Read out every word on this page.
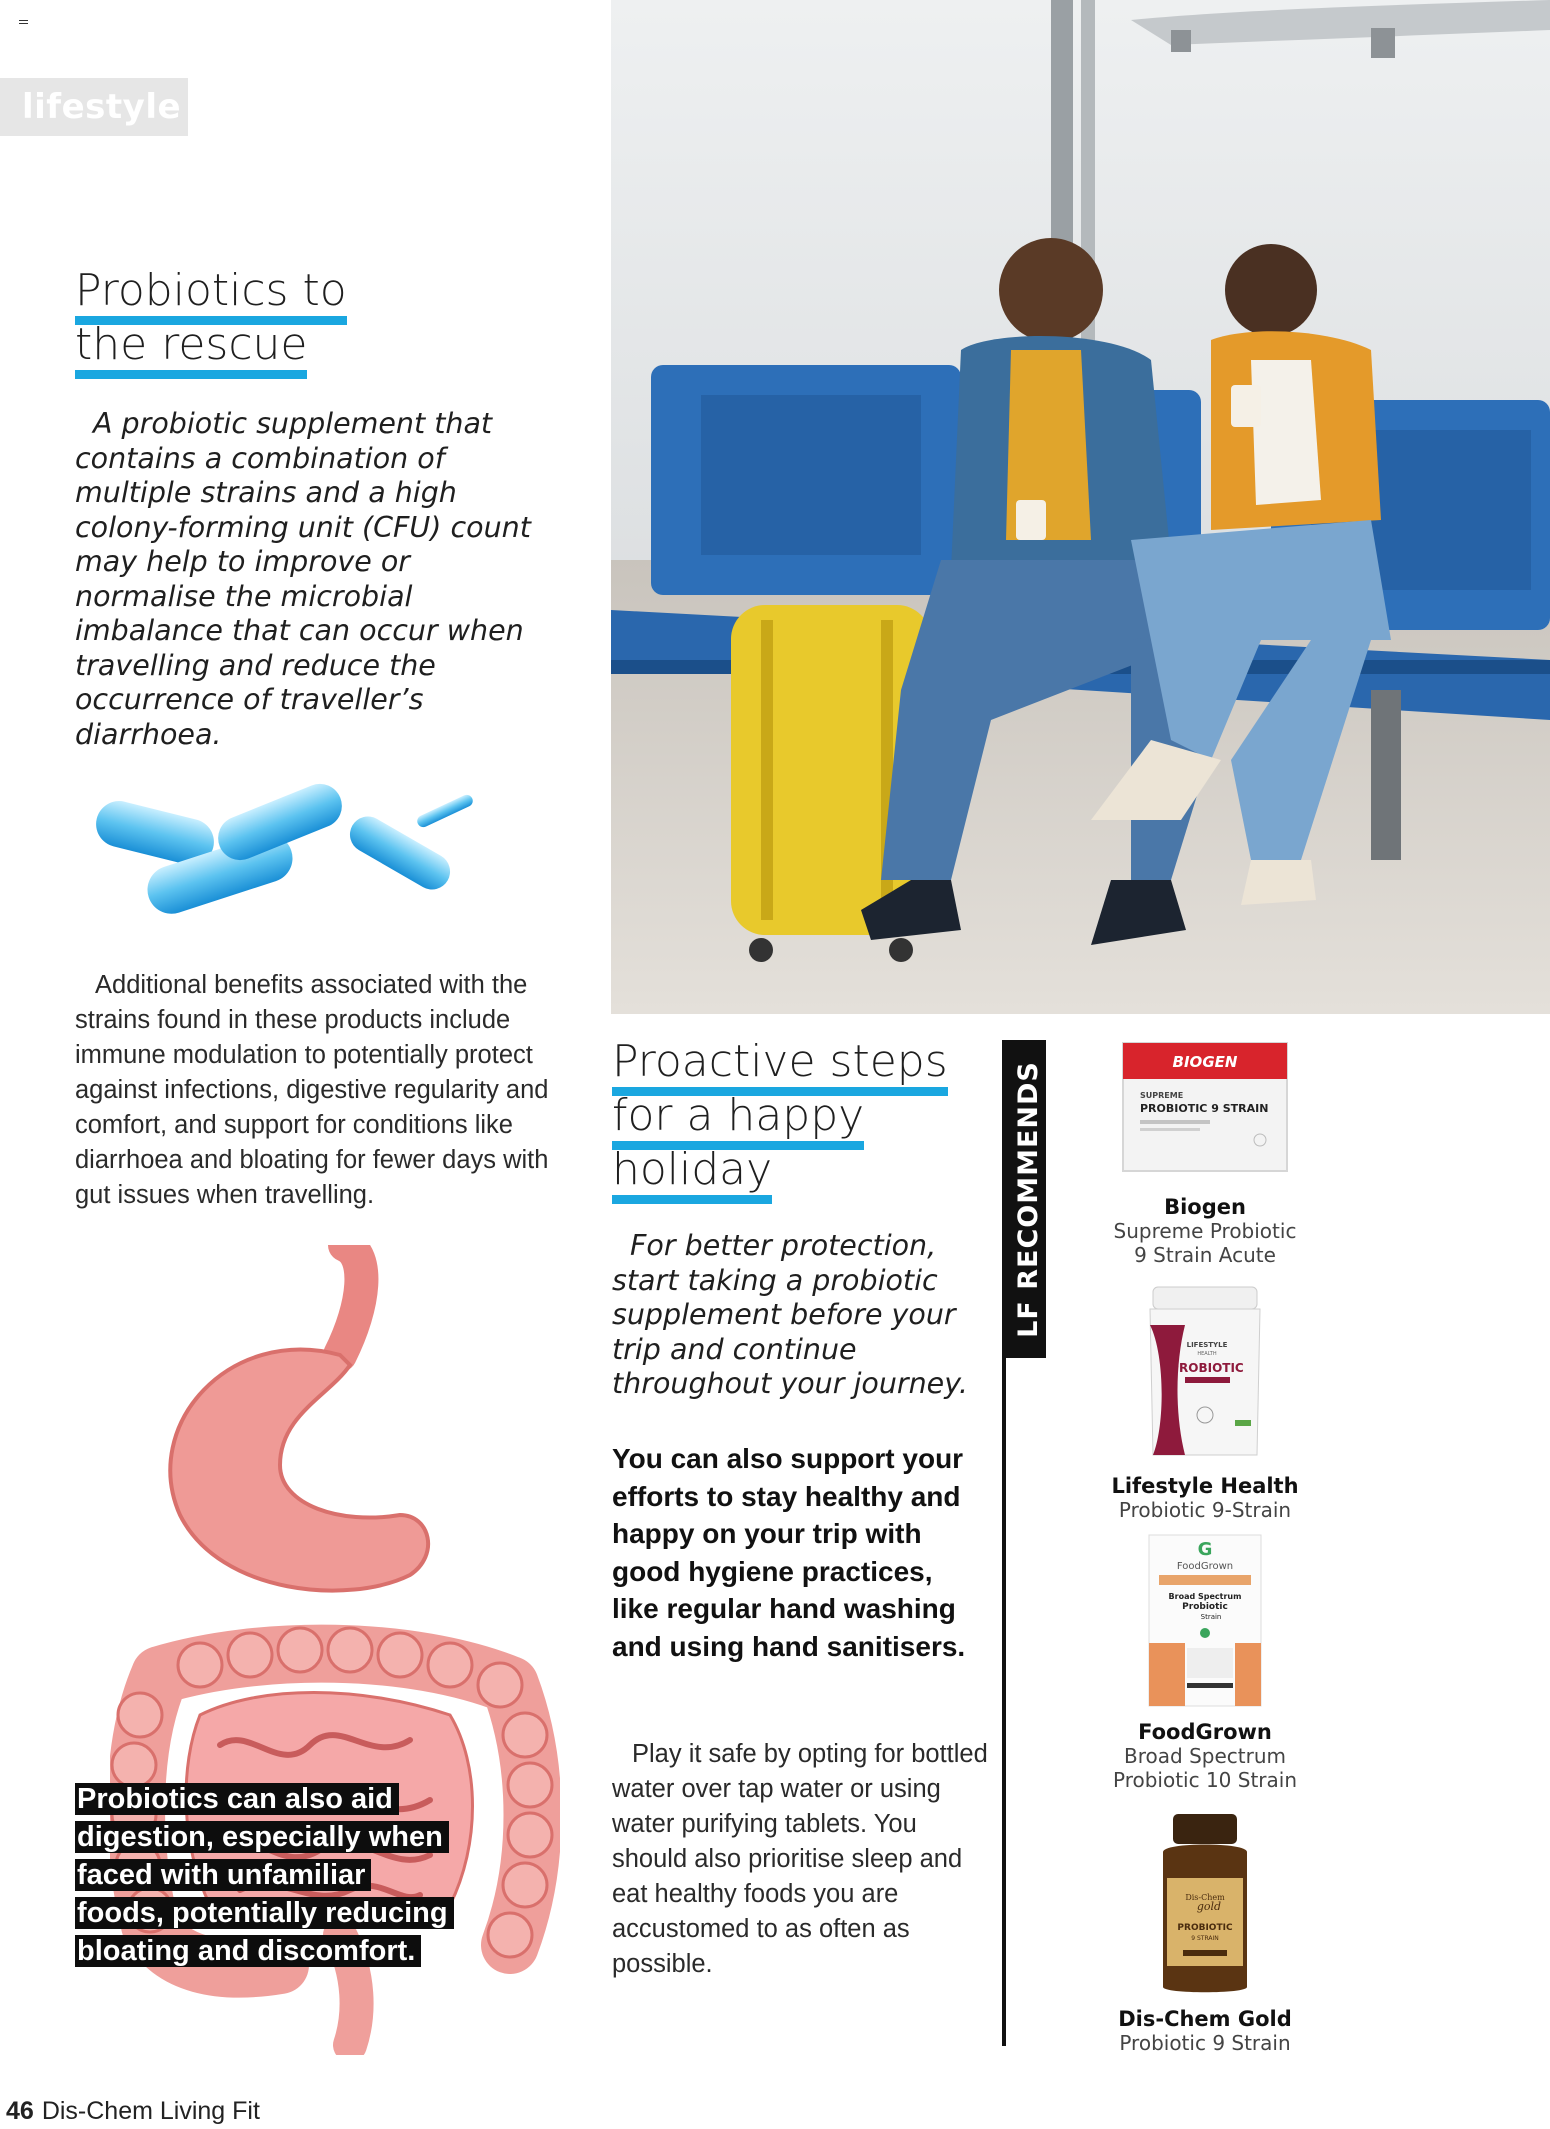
lifestyle
Probiotics to
the rescue

A probiotic supplement that contains a combination of multiple strains and a high colony-forming unit (CFU) count may help to improve or normalise the microbial imbalance that can occur when travelling and reduce the occurrence of traveller’s diarrhoea.

Additional benefits associated with the strains found in these products include immune modulation to potentially protect against infections, digestive regularity and comfort, and support for conditions like diarrhoea and bloating for fewer days with gut issues when travelling.

Probiotics can also aid
digestion, especially when
faced with unfamiliar
foods, potentially reducing
bloating and discomfort.
Proactive steps
for a happy
holiday

For better protection, start taking a probiotic supplement before your trip and continue throughout your journey.

You can also support your efforts to stay healthy and happy on your trip with good hygiene practices, like regular hand washing and using hand sanitisers.

Play it safe by opting for bottled water over tap water or using water purifying tablets. You should also prioritise sleep and eat healthy foods you are accustomed to as often as possible.

LF RECOMMENDS	BIOGEN
SUPREME
PROBIOTIC 9 STRAIN
Biogen
Supreme Probiotic
9 Strain Acute
LIFESTYLE
HEALTH
PROBIOTIC
Lifestyle Health
Probiotic 9-Strain
G
FoodGrown
Broad Spectrum
Probiotic
Strain
FoodGrown
Broad Spectrum
Probiotic 10 Strain
Dis-Chem
gold
PROBIOTIC
9 STRAIN
Dis-Chem Gold
Probiotic 9 Strain
46 Dis-Chem Living Fit
